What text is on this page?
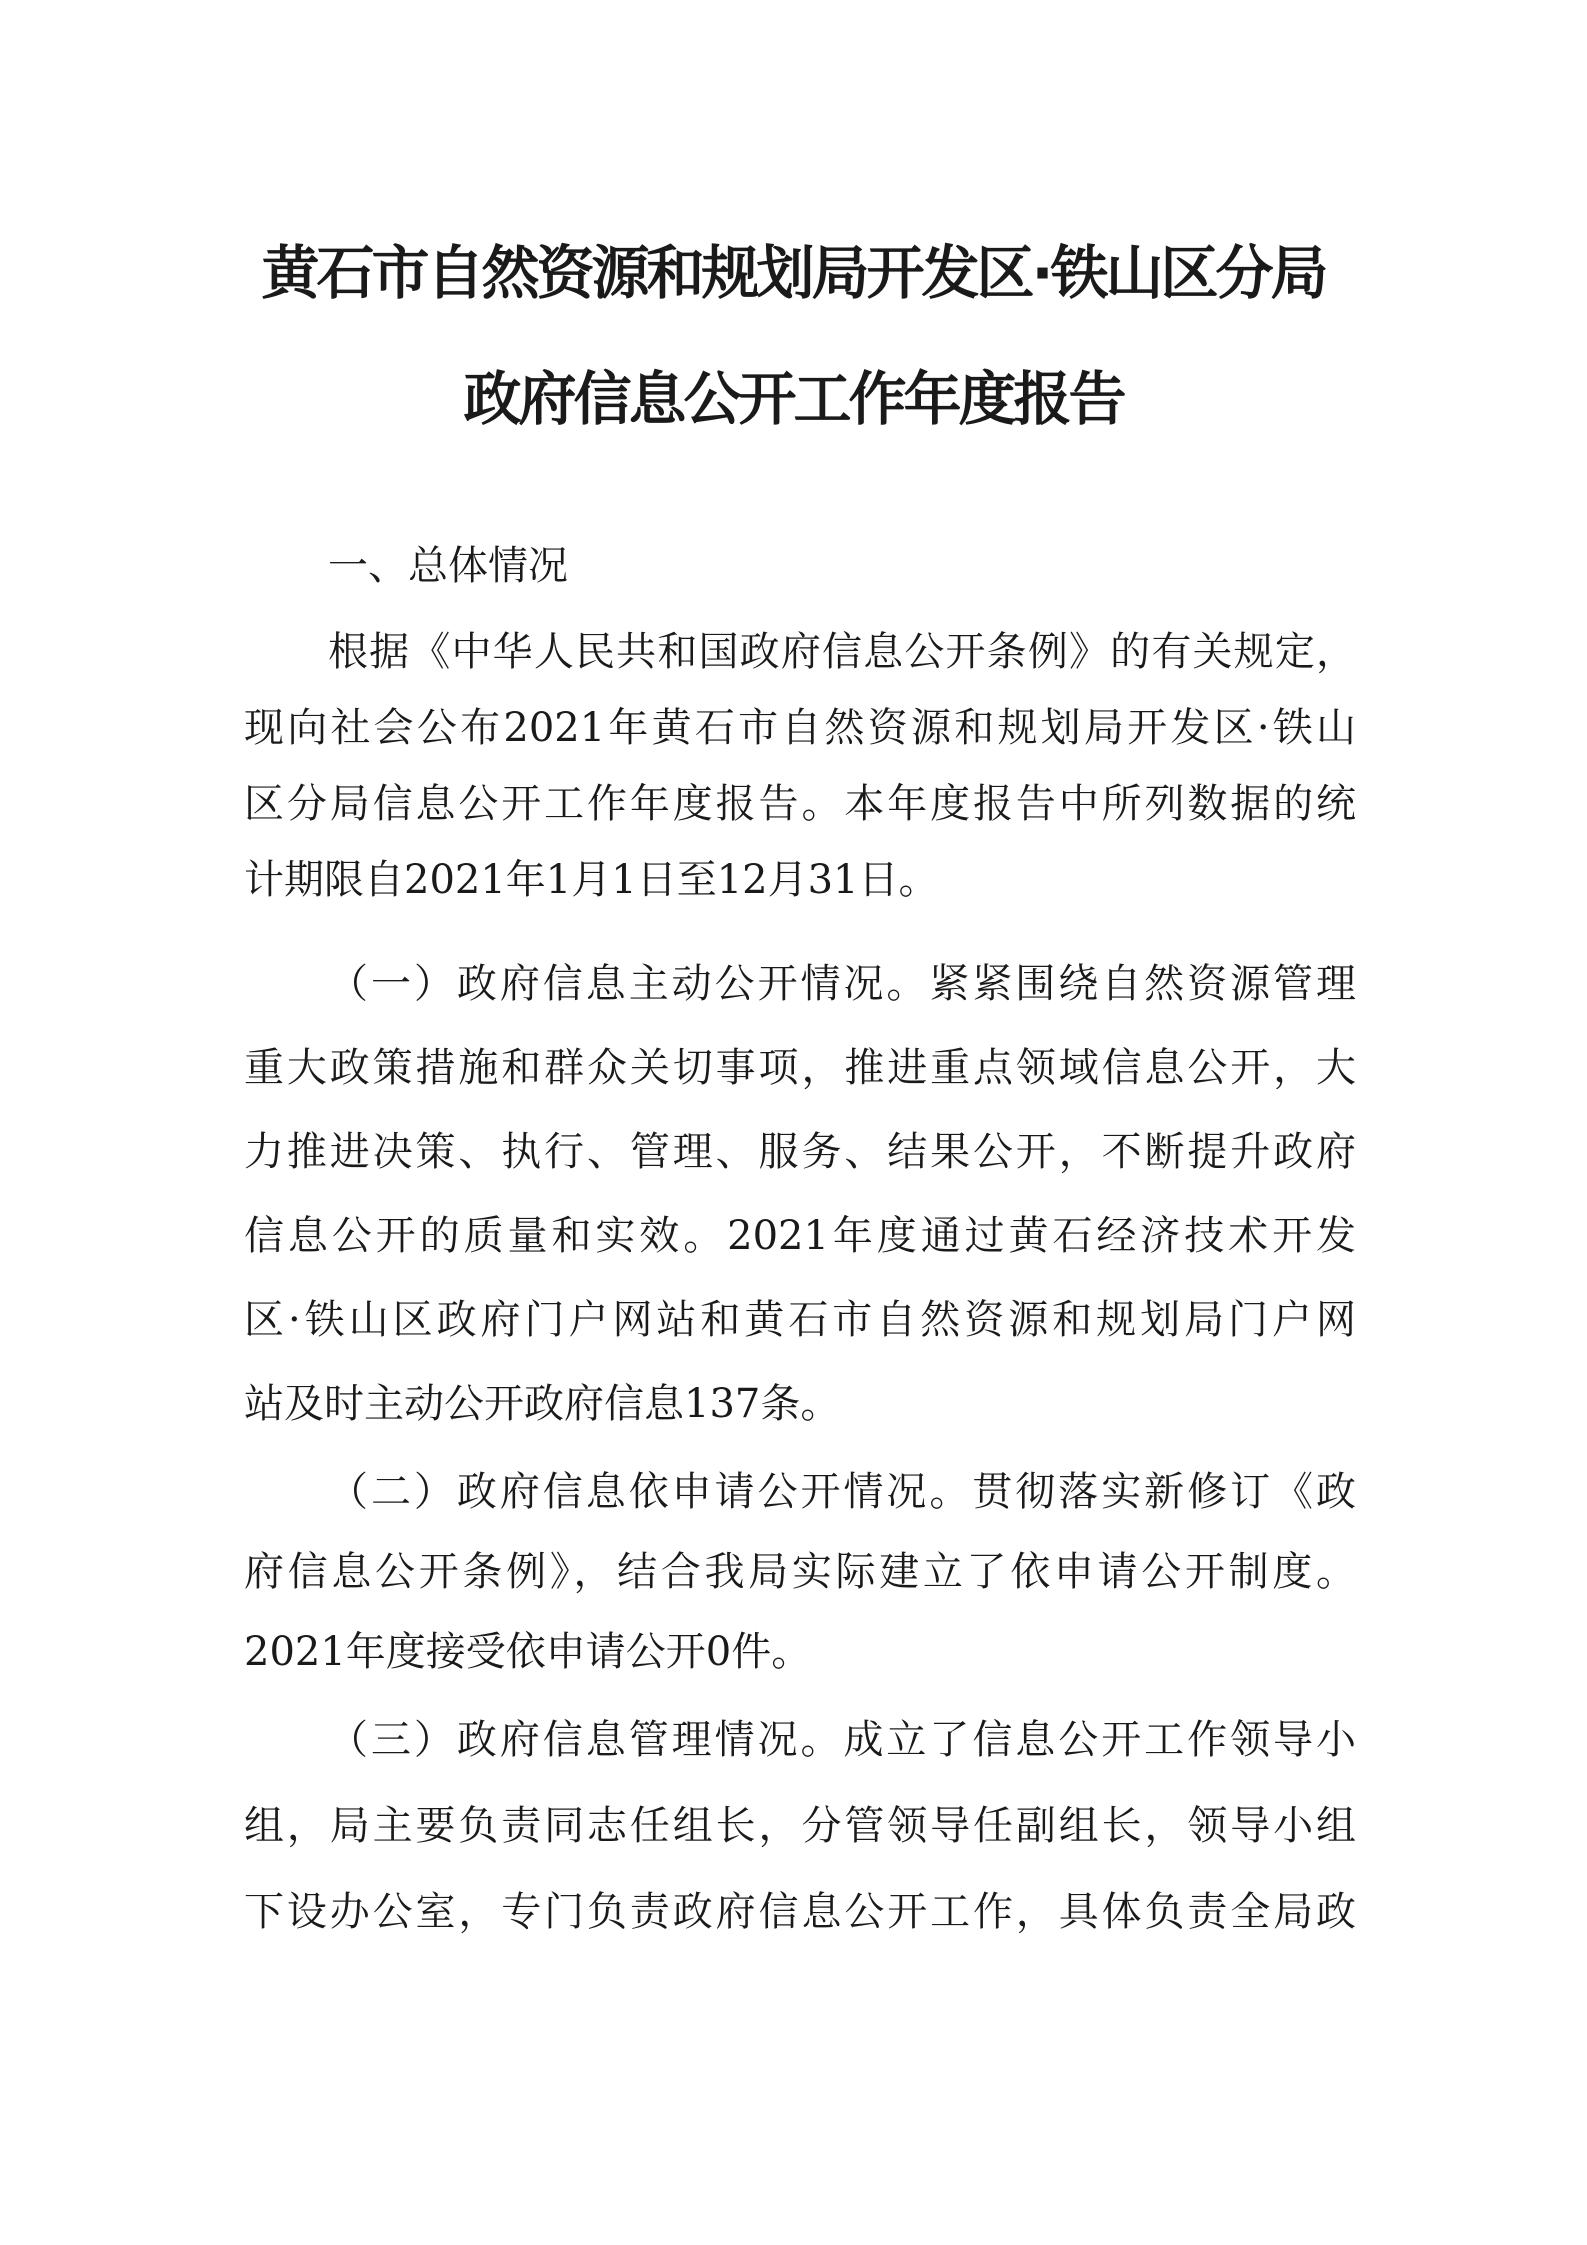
黄石市自然资源和规划局开发区·铁山区分局
政府信息公开工作年度报告
一、总体情况
根据《中华人民共和国政府信息公开条例》的有关规定，
现向社会公布2021年黄石市自然资源和规划局开发区·铁山
区分局信息公开工作年度报告。本年度报告中所列数据的统
计期限自2021年1月1日至12月31日。
（一）政府信息主动公开情况。紧紧围绕自然资源管理
重大政策措施和群众关切事项，推进重点领域信息公开，大
力推进决策、执行、管理、服务、结果公开，不断提升政府
信息公开的质量和实效。2021年度通过黄石经济技术开发
区·铁山区政府门户网站和黄石市自然资源和规划局门户网
站及时主动公开政府信息137条。
（二）政府信息依申请公开情况。贯彻落实新修订《政
府信息公开条例》，结合我局实际建立了依申请公开制度。
2021年度接受依申请公开0件。
（三）政府信息管理情况。成立了信息公开工作领导小
组，局主要负责同志任组长，分管领导任副组长，领导小组
下设办公室，专门负责政府信息公开工作，具体负责全局政
